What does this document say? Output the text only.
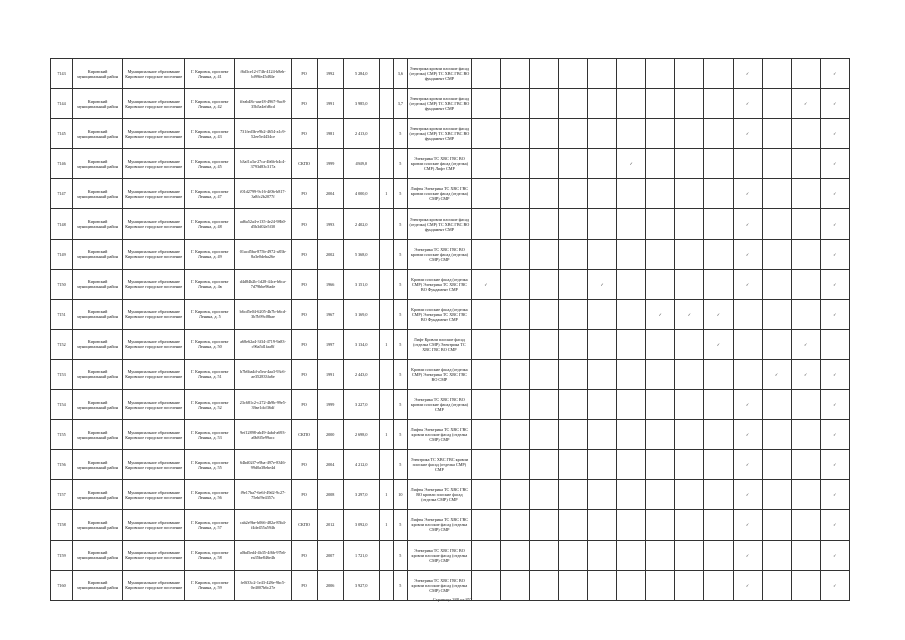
7143	Кировский муниципальный район	Муниципальное образование Кировское городское поселение	Г. Кировск, проспект Ленина, д. 41	f6d3ce12-f74b-4124-b8eb-bf99fe45d84e	РО	1992	5 284,0		3,6	Электрика кровли плоские фасад (отделка) СМР) ТС ХВС ГВС ВО фундамент СМР										✓			✓
7144	Кировский муниципальный район	Муниципальное образование Кировское городское поселение	Г. Кировск, проспект Ленина, д. 42	ffeab48c-aae18-4967-9ac8-35b5a4efd6cd	РО	1991	3 985,0		3,7	Электрика кровли плоские фасад (отделка) СМР) ТС ХВС ГВС ВО фундамент СМР										✓		✓	✓
7145	Кировский муниципальный район	Муниципальное образование Кировское городское поселение	Г. Кировск, проспект Ленина, д. 43	731fed3b-e9b2-4654-a1c9-52ee5e4434ce	РО	1981	2 413,0		5	Электрика кровли плоские фасад (отделка) СМР) ТС ХВС ГВС ВО фундамент СМР										✓			✓
7146	Кировский муниципальный район	Муниципальное образование Кировское городское поселение	Г. Кировск, проспект Ленина, д. 45	b3af1a3a-27ca-4b6b-b4c4-3793d83c317a	СКПО	1999	4949,0		5	Электрика ТС ХВС ГВС ВО кровли плоские фасад (отделка) СМР) Лифт СМР						✓							✓
7147	Кировский муниципальный район	Муниципальное образование Кировское городское поселение	Г. Кировск, проспект Ленина, д. 47	f01d2799-9c16-4f0b-b817-3a8fc2b2077f	РО	2004	4 000,0	1	5	Лифты Электрика ТС ХВС ГВС кровли плоские фасад (отделка) СМР) СМР										✓			✓
7148	Кировский муниципальный район	Муниципальное образование Кировское городское поселение	Г. Кировск, проспект Ленина, д. 48	ad6a52a4-e135-4e24-98b0-d5b3d02e5f30	РО	1993	2 402,0		5	Электрика кровли плоские фасад (отделка) СМР) ТС ХВС ГВС ВО фундамент СМР										✓			✓
7149	Кировский муниципальный район	Муниципальное образование Кировское городское поселение	Г. Кировск, проспект Ленина, д. 49	01acd5ba-875b-4972-a83b-8a3e0deba26e	РО	2002	5 368,0		5	Электрика ТС ХВС ГВС ВО кровли плоские фасад (отделка) СМР) СМР										✓			✓
7150	Кировский муниципальный район	Муниципальное образование Кировское городское поселение	Г. Кировск, проспект Ленина, д. 4в	d4d84b2b-1d28-44ce-b6ca-7d79bbe96ade	РО	1966	3 151,0		5	Кровли плоские фасад (отделка СМР) Электрика ТС ХВС ГВС ВО Фундамент СМР	✓				✓					✓			✓
7151	Кировский муниципальный район	Муниципальное образование Кировское городское поселение	Г. Кировск, проспект Ленина, д. 5	b6cd5e04-6205-4b7b-b6cd-3b7b99cf8bae	РО	1967	3 169,0		5	Кровли плоские фасад (отделка СМР) Электрика ТС ХВС ГВС ВО Фундамент СМР							✓	✓	✓				✓
7152	Кировский муниципальный район	Муниципальное образование Кировское городское поселение	Г. Кировск, проспект Ленина, д. 50	a68e62a4-3f34-4719-9a83-c96a5d1faa8f	РО	1997	3 134,0	1	5	Лифт Кровли плоские фасад (отделка СМР) Электрика ТС ХВС ГВС ВО СМР									✓			✓	
7153	Кировский муниципальный район	Муниципальное образование Кировское городское поселение	Г. Кировск, проспект Ленина, д. 51	b7b6ba4d-a5ea-4aa3-93c6-ae352833fa6e	РО	1991	2 443,0		5	Кровли плоские фасад (отделка СМР) Электрика ТС ХВС ГВС ВО СМР											✓	✓	✓
7154	Кировский муниципальный район	Муниципальное образование Кировское городское поселение	Г. Кировск, проспект Ленина, д. 52	23c681c2-c272-4b9b-99e5-39ae1dcf36df	РО	1999	3 227,0		5	Электрика ТС ХВС ГВС ВО кровли плоские фасад (отделка) СМР										✓			✓
7155	Кировский муниципальный район	Муниципальное образование Кировское городское поселение	Г. Кировск, проспект Ленина, д. 53	9ef12898-ab49-4abd-a693-a0b8f5e99acc	СКПО	2000	2 698,0	1	5	Лифты Электрика ТС ХВС ГВС кровли плоские фасад (отделка СМР) СМР										✓			✓
7156	Кировский муниципальный район	Муниципальное образование Кировское городское поселение	Г. Кировск, проспект Ленина, д. 55	64bd02f7-e9ba-497e-8346-99d0a38ebe4d	РО	2004	4 212,0		5	Электрика ТС ХВС ГВС кровли плоские фасад (отделка СМР) СМР										✓			✓
7157	Кировский муниципальный район	Муниципальное образование Кировское городское поселение	Г. Кировск, проспект Ленина, д. 56	f9e17ba7-6e6f-49d2-9c27-75ebf9e4357c	РО	2008	3 297,0	1	10	Лифты Электрика ТС ХВС ГВС ВО кровли плоские фасад (отделка СМР) СМР										✓			✓
7158	Кировский муниципальный район	Муниципальное образование Кировское городское поселение	Г. Кировск, проспект Ленина, д. 57	cab2e9be-b066-482a-85b4-f4de455a594b	СКПО	2012	3 092,0	1	5	Лифты Электрика ТС ХВС ГВС кровли плоские фасад (отделка СМР) СМР										✓			✓
7159	Кировский муниципальный район	Муниципальное образование Кировское городское поселение	Г. Кировск, проспект Ленина, д. 58	a0bd5ed4-4b35-4f6b-97b6-ea35be846e4b	РО	2007	1 721,0		5	Электрика ТС ХВС ГВС ВО кровли плоские фасад (отделка СМР) СМР										✓			✓
7160	Кировский муниципальный район	Муниципальное образование Кировское городское поселение	Г. Кировск, проспект Ленина, д. 59	fe0f33c2-1e43-428e-9bc5-0e4007b6c27e	РО	2006	3 927,0		5	Электрика ТС ХВС ГВС ВО кровли плоские фасад (отделка СМР) СМР										✓			✓
Страница 388 из 857
